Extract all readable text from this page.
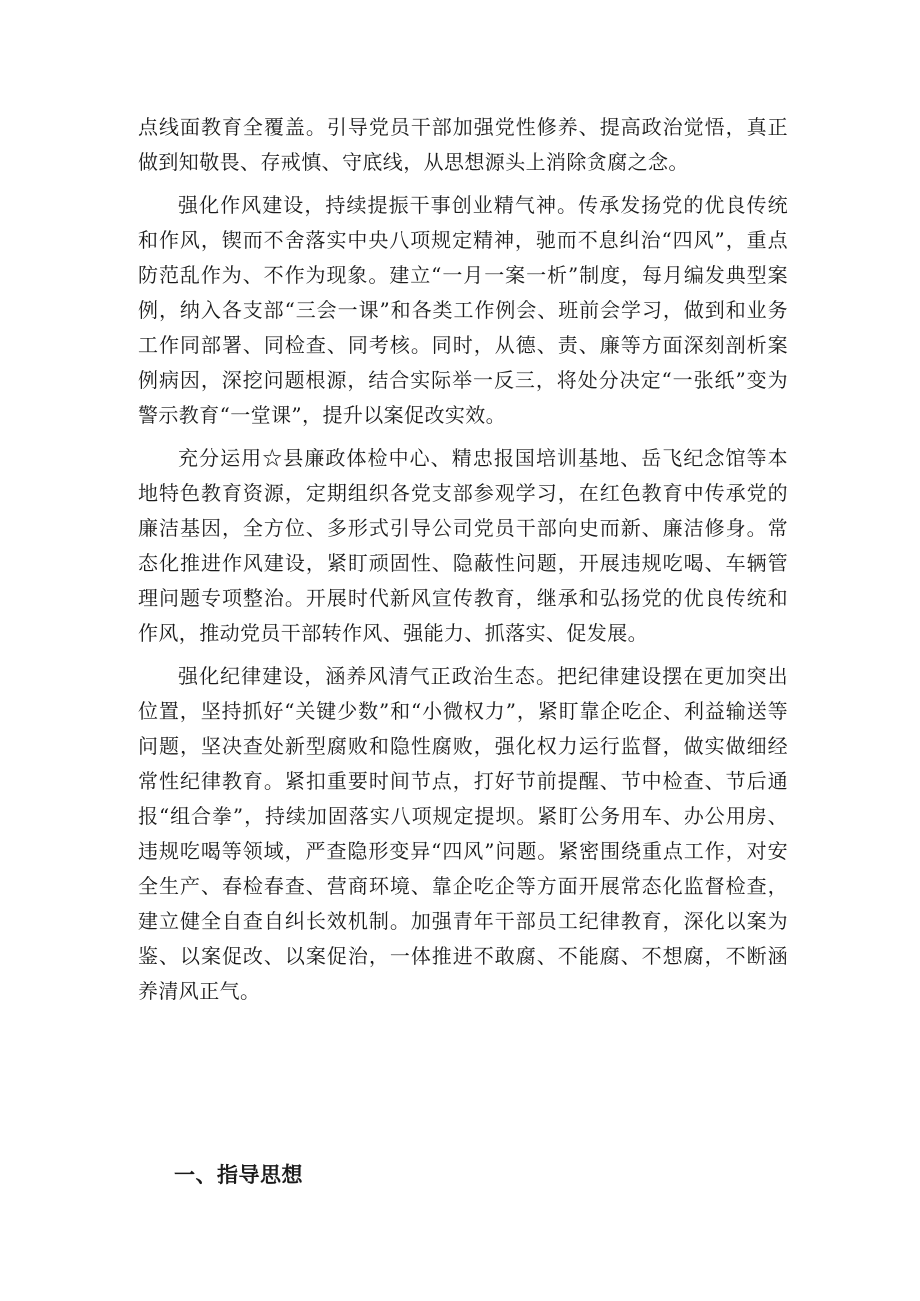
点线面教育全覆盖。引导党员干部加强党性修养、提高政治觉悟，真正做到知敬畏、存戒慎、守底线，从思想源头上消除贪腐之念。

强化作风建设，持续提振干事创业精气神。传承发扬党的优良传统和作风，锲而不舍落实中央八项规定精神，驰而不息纠治“四风”，重点防范乱作为、不作为现象。建立“一月一案一析”制度，每月编发典型案例，纳入各支部“三会一课”和各类工作例会、班前会学习，做到和业务工作同部署、同检查、同考核。同时，从德、责、廉等方面深刻剖析案例病因，深挖问题根源，结合实际举一反三，将处分决定“一张纸”变为警示教育“一堂课”，提升以案促改实效。

充分运用☆县廉政体检中心、精忠报国培训基地、岳飞纪念馆等本地特色教育资源，定期组织各党支部参观学习，在红色教育中传承党的廉洁基因，全方位、多形式引导公司党员干部向史而新、廉洁修身。常态化推进作风建设，紧盯顽固性、隐蔽性问题，开展违规吃喝、车辆管理问题专项整治。开展时代新风宣传教育，继承和弘扬党的优良传统和作风，推动党员干部转作风、强能力、抓落实、促发展。

强化纪律建设，涵养风清气正政治生态。把纪律建设摆在更加突出位置，坚持抓好“关键少数”和“小微权力”，紧盯靠企吃企、利益输送等问题，坚决查处新型腐败和隐性腐败，强化权力运行监督，做实做细经常性纪律教育。紧扣重要时间节点，打好节前提醒、节中检查、节后通报“组合拳”，持续加固落实八项规定提坝。紧盯公务用车、办公用房、违规吃喝等领域，严查隐形变异“四风”问题。紧密围绕重点工作，对安全生产、春检春查、营商环境、靠企吃企等方面开展常态化监督检查，建立健全自查自纠长效机制。加强青年干部员工纪律教育，深化以案为鉴、以案促改、以案促治，一体推进不敢腐、不能腐、不想腐，不断涵养清风正气。

一、指导思想
